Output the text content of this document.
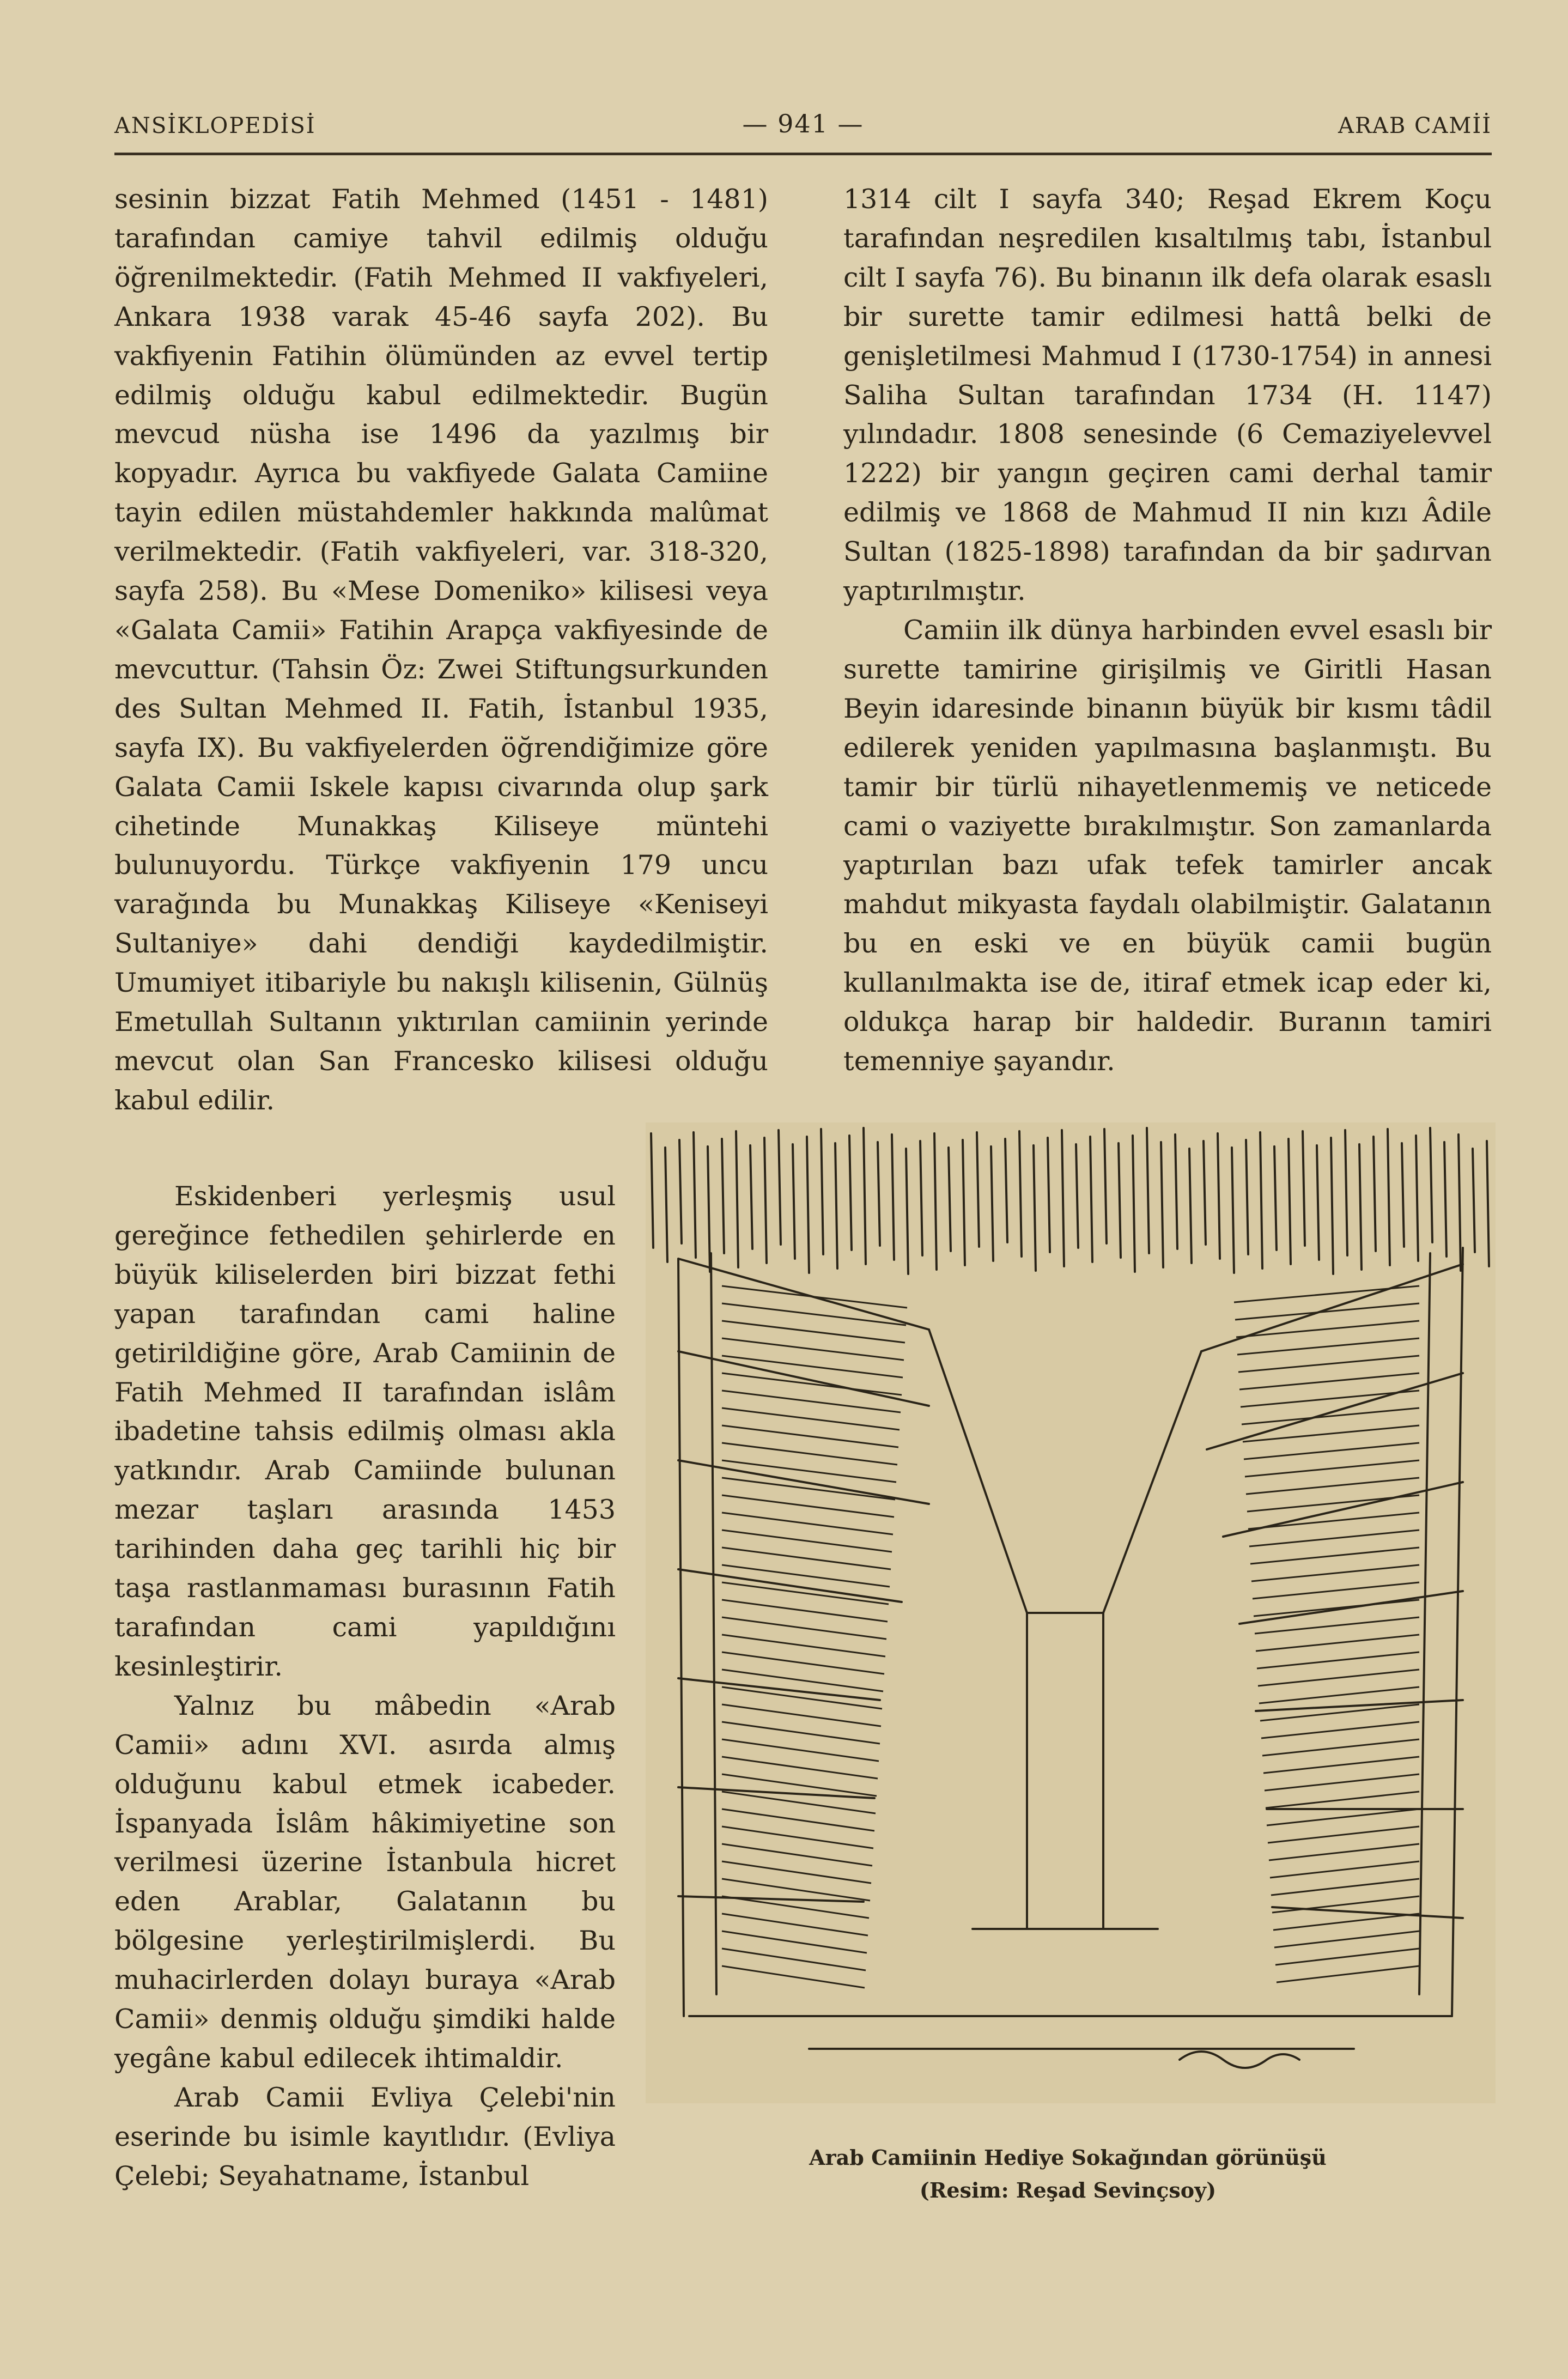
ANSİKLOPEDİSİ	— 941 —	ARAB CAMİİ

sesinin bizzat Fatih Mehmed (1451 - 1481) tarafından camiye tahvil edilmiş olduğu öğrenilmektedir. (Fatih Mehmed II vakfıyeleri, Ankara 1938 varak 45-46 sayfa 202). Bu vakfiyenin Fatihin ölümünden az evvel tertip edilmiş olduğu kabul edilmektedir. Bugün mevcud nüsha ise 1496 da yazılmış bir kopyadır. Ayrıca bu vakfiyede Galata Camiine tayin edilen müstahdemler hakkında malûmat verilmektedir. (Fatih vakfiyeleri, var. 318-320, sayfa 258). Bu «Mese Domeniko» kilisesi veya «Galata Camii» Fatihin Arapça vakfiyesinde de mevcuttur. (Tahsin Öz: Zwei Stiftungsurkunden des Sultan Mehmed II. Fatih, İstanbul 1935, sayfa IX). Bu vakfiyelerden öğrendiğimize göre Galata Camii Iskele kapısı civarında olup şark cihetinde Munakkaş Kiliseye müntehi bulunuyordu. Türkçe vakfiyenin 179 uncu varağında bu Munakkaş Kiliseye «Keniseyi Sultaniye» dahi dendiği kaydedilmiştir. Umumiyet itibariyle bu nakışlı kilisenin, Gülnüş Emetullah Sultanın yıktırılan camiinin yerinde mevcut olan San Francesko kilisesi olduğu kabul edilir.

Eskidenberi yerleşmiş usul gereğince fethedilen şehirlerde en büyük kiliselerden biri bizzat fethi yapan tarafından cami haline getirildiğine göre, Arab Camiinin de Fatih Mehmed II tarafından islâm ibadetine tahsis edilmiş olması akla yatkındır. Arab Camiinde bulunan mezar taşları arasında 1453 tarihinden daha geç tarihli hiç bir taşa rastlanmaması burasının Fatih tarafından cami yapıldığını kesinleştirir.

Yalnız bu mâbedin «Arab Camii» adını XVI. asırda almış olduğunu kabul etmek icabeder. İspanyada İslâm hâkimiyetine son verilmesi üzerine İstanbula hicret eden Arablar, Galatanın bu bölgesine yerleştirilmişlerdi. Bu muhacirlerden dolayı buraya «Arab Camii» denmiş olduğu şimdiki halde yegâne kabul edilecek ihtimaldir.

Arab Camii Evliya Çelebi'nin eserinde bu isimle kayıtlıdır. (Evliya Çelebi; Seyahatname, İstanbul

1314 cilt I sayfa 340; Reşad Ekrem Koçu tarafından neşredilen kısaltılmış tabı, İstanbul cilt I sayfa 76). Bu binanın ilk defa olarak esaslı bir surette tamir edilmesi hattâ belki de genişletilmesi Mahmud I (1730-1754) in annesi Saliha Sultan tarafından 1734 (H. 1147) yılındadır. 1808 senesinde (6 Cemaziyelevvel 1222) bir yangın geçiren cami derhal tamir edilmiş ve 1868 de Mahmud II nin kızı Âdile Sultan (1825-1898) tarafından da bir şadırvan yaptırılmıştır.

Camiin ilk dünya harbinden evvel esaslı bir surette tamirine girişilmiş ve Giritli Hasan Beyin idaresinde binanın büyük bir kısmı tâdil edilerek yeniden yapılmasına başlanmıştı. Bu tamir bir türlü nihayetlenmemiş ve neticede cami o vaziyette bırakılmıştır. Son zamanlarda yaptırılan bazı ufak tefek tamirler ancak mahdut mikyasta faydalı olabilmiştir. Galatanın bu en eski ve en büyük camii bugün kullanılmakta ise de, itiraf etmek icap eder ki, oldukça harap bir haldedir. Buranın tamiri temenniye şayandır.

Arab Camiinin Hediye Sokağından görünüşü
(Resim: Reşad Sevinçsoy)
